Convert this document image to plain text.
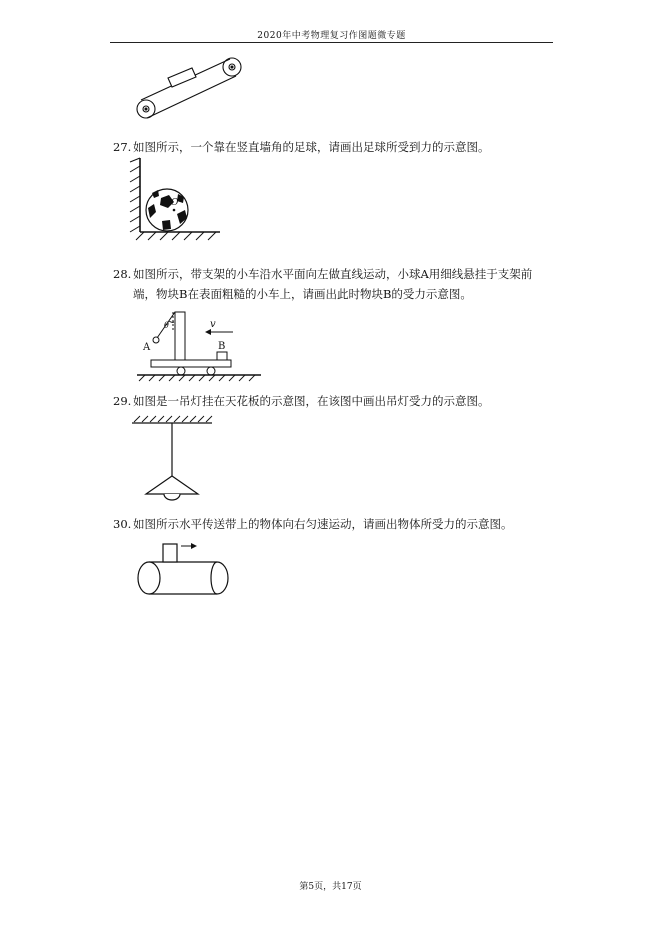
2020年中考物理复习作图题微专题
27. 如图所示，一个靠在竖直墙角的足球，请画出足球所受到力的示意图。
O
28. 如图所示，带支架的小车沿水平面向左做直线运动，小球A用细线悬挂于支架前
端，物块B在表面粗糙的小车上，请画出此时物块B的受力示意图。
v
θ
A	B
29. 如图是一吊灯挂在天花板的示意图，在该图中画出吊灯受力的示意图。
30. 如图所示水平传送带上的物体向右匀速运动，请画出物体所受力的示意图。
第5页，共17页
